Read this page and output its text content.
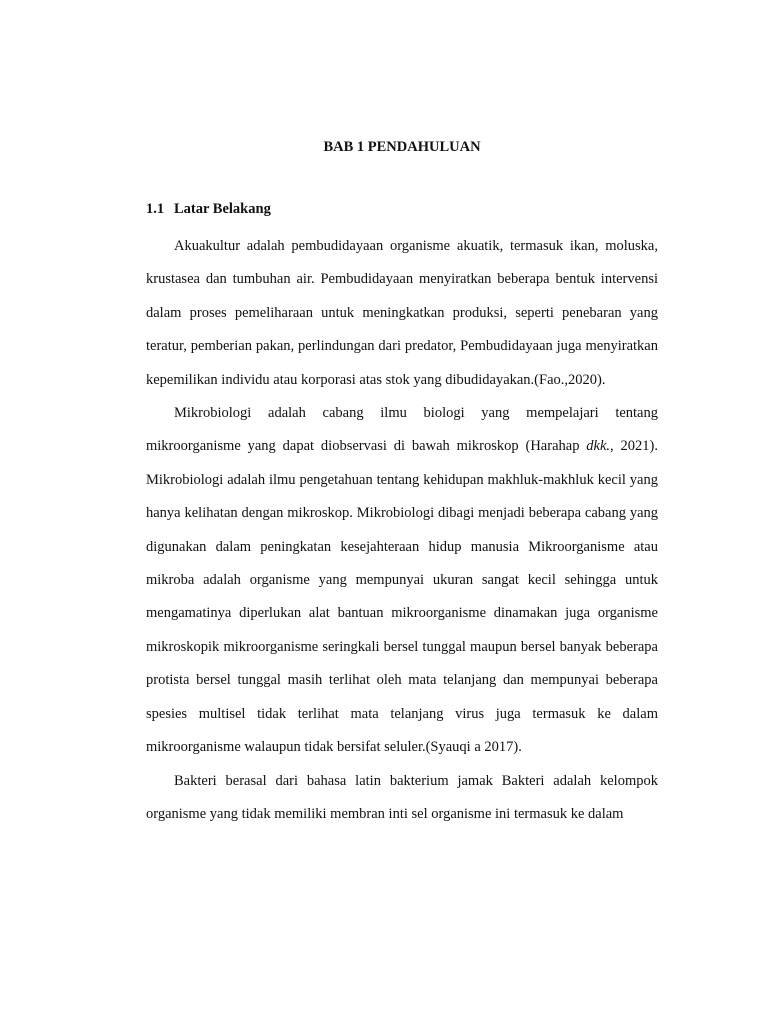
BAB 1 PENDAHULUAN
1.1 Latar Belakang

Akuakultur adalah pembudidayaan organisme akuatik, termasuk ikan, moluska, krustasea dan tumbuhan air. Pembudidayaan menyiratkan beberapa bentuk intervensi dalam proses pemeliharaan untuk meningkatkan produksi, seperti penebaran yang teratur, pemberian pakan, perlindungan dari predator, Pembudidayaan juga menyiratkan kepemilikan individu atau korporasi atas stok yang dibudidayakan.(Fao.,2020).

Mikrobiologi adalah cabang ilmu biologi yang mempelajari tentang mikroorganisme yang dapat diobservasi di bawah mikroskop (Harahap dkk., 2021). Mikrobiologi adalah ilmu pengetahuan tentang kehidupan makhluk-makhluk kecil yang hanya kelihatan dengan mikroskop. Mikrobiologi dibagi menjadi beberapa cabang yang digunakan dalam peningkatan kesejahteraan hidup manusia Mikroorganisme atau mikroba adalah organisme yang mempunyai ukuran sangat kecil sehingga untuk mengamatinya diperlukan alat bantuan mikroorganisme dinamakan juga organisme mikroskopik mikroorganisme seringkali bersel tunggal maupun bersel banyak beberapa protista bersel tunggal masih terlihat oleh mata telanjang dan mempunyai beberapa spesies multisel tidak terlihat mata telanjang virus juga termasuk ke dalam mikroorganisme walaupun tidak bersifat seluler.(Syauqi a 2017).

Bakteri berasal dari bahasa latin bakterium jamak Bakteri adalah kelompok organisme yang tidak memiliki membran inti sel organisme ini termasuk ke dalam
